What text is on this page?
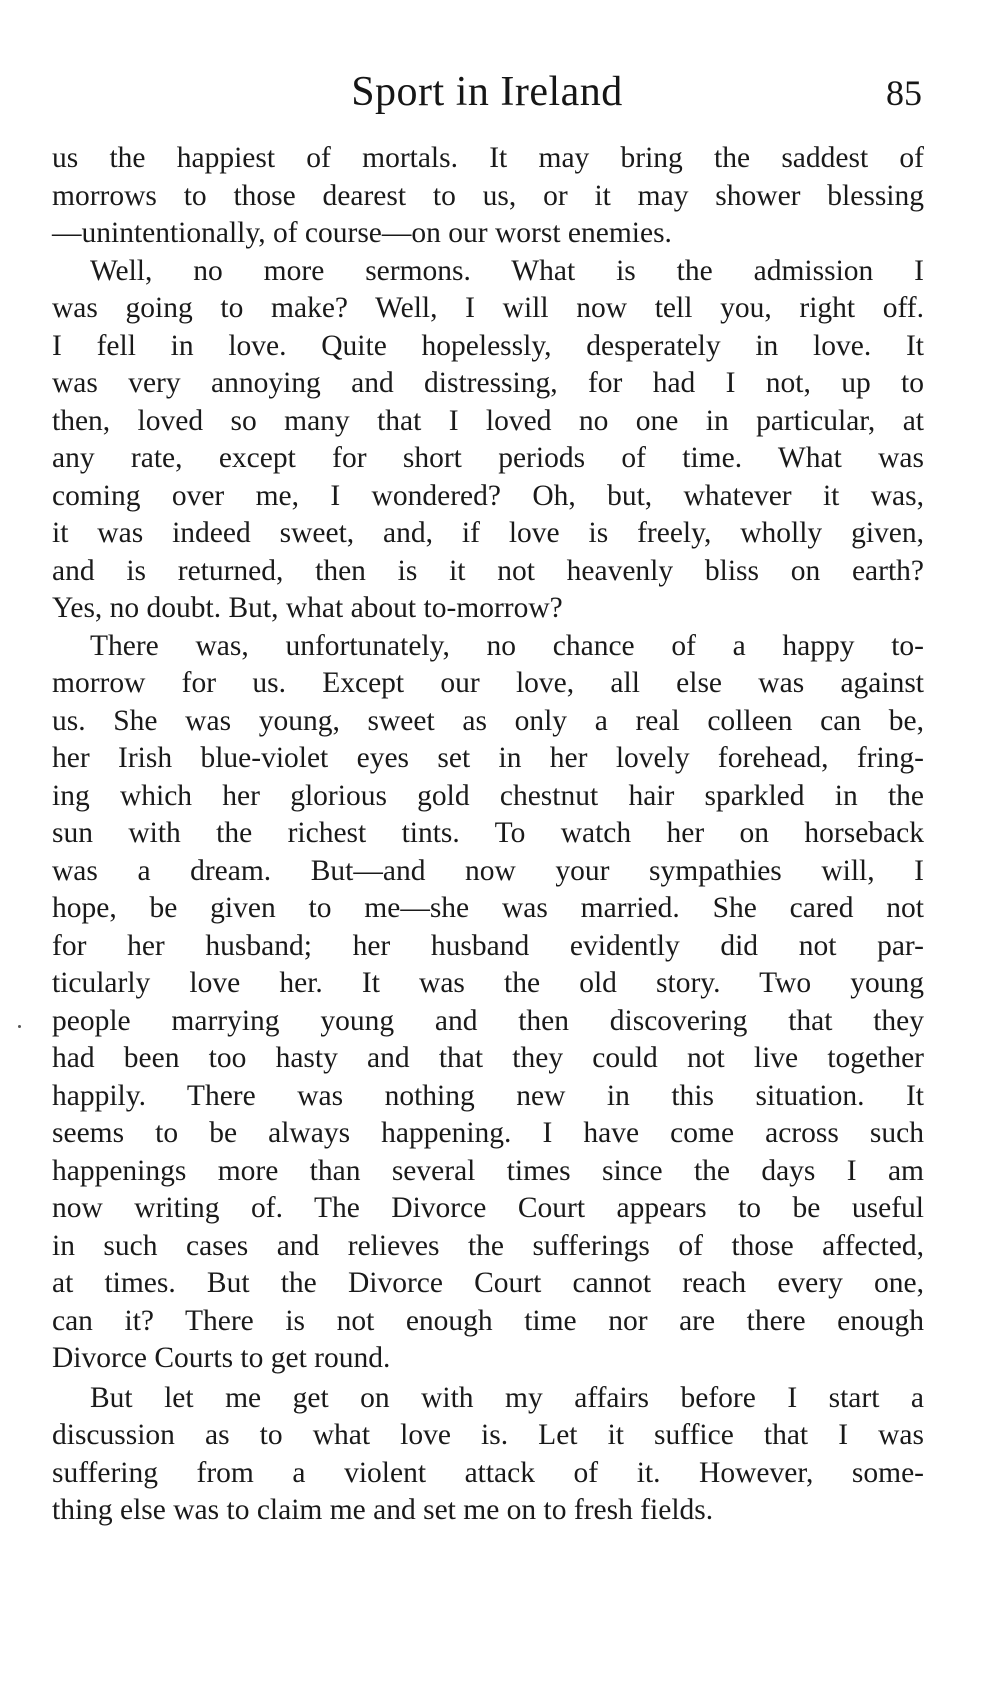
Sport in Ireland	85
us the happiest of mortals. It may bring the saddest of
morrows to those dearest to us, or it may shower blessing
—unintentionally, of course—on our worst enemies.
Well, no more sermons. What is the admission I
was going to make? Well, I will now tell you, right off.
I fell in love. Quite hopelessly, desperately in love. It
was very annoying and distressing, for had I not, up to
then, loved so many that I loved no one in particular, at
any rate, except for short periods of time. What was
coming over me, I wondered? Oh, but, whatever it was,
it was indeed sweet, and, if love is freely, wholly given,
and is returned, then is it not heavenly bliss on earth?
Yes, no doubt. But, what about to-morrow?
There was, unfortunately, no chance of a happy to-
morrow for us. Except our love, all else was against
us. She was young, sweet as only a real colleen can be,
her Irish blue-violet eyes set in her lovely forehead, fring-
ing which her glorious gold chestnut hair sparkled in the
sun with the richest tints. To watch her on horseback
was a dream. But—and now your sympathies will, I
hope, be given to me—she was married. She cared not
for her husband; her husband evidently did not par-
ticularly love her. It was the old story. Two young
people marrying young and then discovering that they
had been too hasty and that they could not live together
happily. There was nothing new in this situation. It
seems to be always happening. I have come across such
happenings more than several times since the days I am
now writing of. The Divorce Court appears to be useful
in such cases and relieves the sufferings of those affected,
at times. But the Divorce Court cannot reach every one,
can it? There is not enough time nor are there enough
Divorce Courts to get round.
But let me get on with my affairs before I start a
discussion as to what love is. Let it suffice that I was
suffering from a violent attack of it. However, some-
thing else was to claim me and set me on to fresh fields.
